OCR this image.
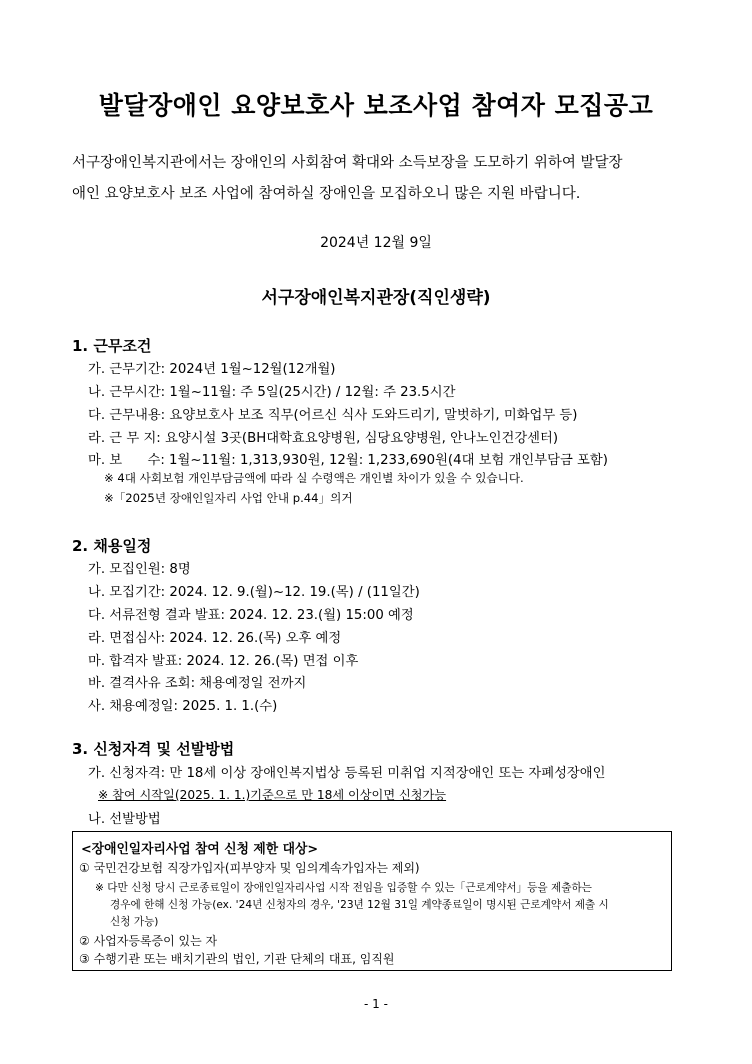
발달장애인 요양보호사 보조사업 참여자 모집공고
서구장애인복지관에서는 장애인의 사회참여 확대와 소득보장을 도모하기 위하여 발달장
애인 요양보호사 보조 사업에 참여하실 장애인을 모집하오니 많은 지원 바랍니다.
2024년 12월 9일
서구장애인복지관장(직인생략)
1. 근무조건
가. 근무기간: 2024년 1월~12월(12개월)
나. 근무시간: 1월~11월: 주 5일(25시간) / 12월: 주 23.5시간
다. 근무내용: 요양보호사 보조 직무(어르신 식사 도와드리기, 말벗하기, 미화업무 등)
라. 근 무 지: 요양시설 3곳(BH대학효요양병원, 심당요양병원, 안나노인건강센터)
마. 보      수: 1월~11월: 1,313,930원, 12월: 1,233,690원(4대 보험 개인부담금 포함)
※ 4대 사회보험 개인부담금액에 따라 실 수령액은 개인별 차이가 있을 수 있습니다.
※「2025년 장애인일자리 사업 안내 p.44」의거
2. 채용일정
가. 모집인원: 8명
나. 모집기간: 2024. 12. 9.(월)~12. 19.(목) / (11일간)
다. 서류전형 결과 발표: 2024. 12. 23.(월) 15:00 예정
라. 면접심사: 2024. 12. 26.(목) 오후 예정
마. 합격자 발표: 2024. 12. 26.(목) 면접 이후
바. 결격사유 조회: 채용예정일 전까지
사. 채용예정일: 2025. 1. 1.(수)
3. 신청자격 및 선발방법
가. 신청자격: 만 18세 이상 장애인복지법상 등록된 미취업 지적장애인 또는 자폐성장애인
※ 참여 시작일(2025. 1. 1.)기준으로 만 18세 이상이면 신청가능
나. 선발방법
<장애인일자리사업 참여 신청 제한 대상>
① 국민건강보험 직장가입자(피부양자 및 임의계속가입자는 제외)
※ 다만 신청 당시 근로종료일이 장애인일자리사업 시작 전임을 입증할 수 있는「근로계약서」등을 제출하는
경우에 한해 신청 가능(ex. '24년 신청자의 경우, '23년 12월 31일 계약종료일이 명시된 근로계약서 제출 시
신청 가능)
② 사업자등록증이 있는 자
③ 수행기관 또는 배치기관의 법인, 기관 단체의 대표, 임직원
- 1 -
